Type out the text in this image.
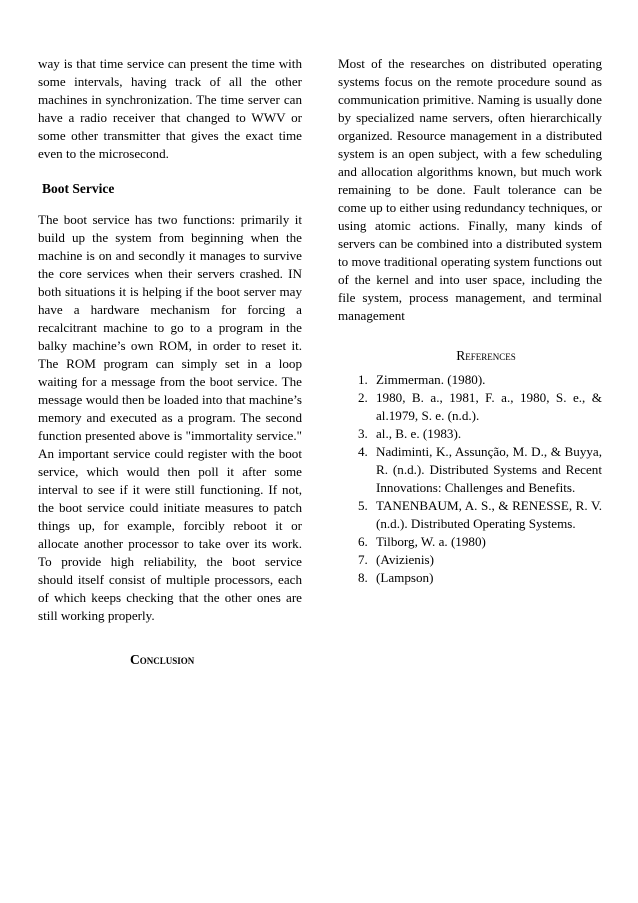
way is that time service can present the time with some intervals, having track of all the other machines in synchronization. The time server can have a radio receiver that changed to WWV or some other transmitter that gives the exact time even to the microsecond.

Boot Service

The boot service has two functions: primarily it build up the system from beginning when the machine is on and secondly it manages to survive the core services when their servers crashed. IN both situations it is helping if the boot server may have a hardware mechanism for forcing a recalcitrant machine to go to a program in the balky machine’s own ROM, in order to reset it. The ROM program can simply set in a loop waiting for a message from the boot service. The message would then be loaded into that machine’s memory and executed as a program. The second function presented above is "immortality service." An important service could register with the boot service, which would then poll it after some interval to see if it were still functioning. If not, the boot service could initiate measures to patch things up, for example, forcibly reboot it or allocate another processor to take over its work. To provide high reliability, the boot service should itself consist of multiple processors, each of which keeps checking that the other ones are still working properly.

Conclusion

Most of the researches on distributed operating systems focus on the remote procedure sound as communication primitive. Naming is usually done by specialized name servers, often hierarchically organized. Resource management in a distributed system is an open subject, with a few scheduling and allocation algorithms known, but much work remaining to be done. Fault tolerance can be come up to either using redundancy techniques, or using atomic actions. Finally, many kinds of servers can be combined into a distributed system to move traditional operating system functions out of the kernel and into user space, including the file system, process management, and terminal management

References
1. Zimmerman. (1980).
2. 1980, B. a., 1981, F. a., 1980, S. e., & al.1979, S. e. (n.d.).
3. al., B. e. (1983).
4. Nadiminti, K., Assunção, M. D., & Buyya, R. (n.d.). Distributed Systems and Recent Innovations: Challenges and Benefits.
5. TANENBAUM, A. S., & RENESSE, R. V. (n.d.). Distributed Operating Systems.
6. Tilborg, W. a. (1980)
7. (Avizienis)
8. (Lampson)
